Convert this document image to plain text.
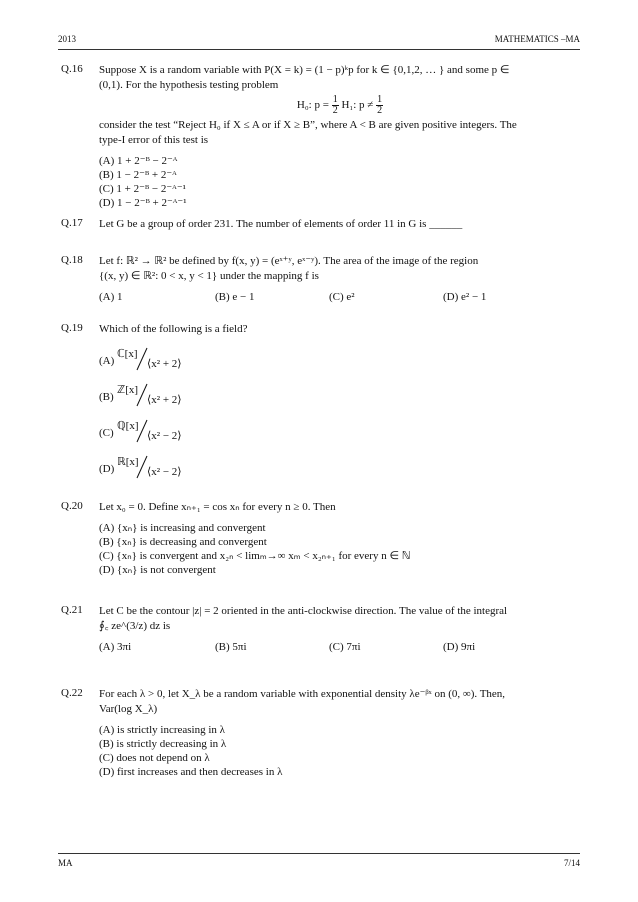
2013	MATHEMATICS –MA
Q.16	Suppose X is a random variable with P(X = k) = (1 − p)ᵏp for k ∈ {0,1,2, … } and some p ∈
(0,1). For the hypothesis testing problem
H₀: $p = \frac{1}{2} H_1$: $p \ne \frac{1}{2}$
consider the test “Reject H₀ if X ≤ A or if X ≥ B”, where A < B are given positive integers. The
type-I error of this test is
(A) 1 + 2⁻ᴮ − 2⁻ᴬ
(B) 1 − 2⁻ᴮ + 2⁻ᴬ
(C) 1 + 2⁻ᴮ − 2⁻ᴬ⁻¹
(D) 1 − 2⁻ᴮ + 2⁻ᴬ⁻¹
Q.17	Let G be a group of order 231. The number of elements of order 11 in G is ______
Q.18	Let f: ℝ² → ℝ² be defined by f(x, y) = (eˣ⁺ʸ, eˣ⁻ʸ). The area of the image of the region
{(x, y) ∈ ℝ²: 0 < x, y < 1} under the mapping f is
(A) 1	(B) e − 1	(C) e²	(D) e² − 1
Q.19	Which of the following is a field?
(A)
ℂ[x]
⟨x² + 2⟩
(B)
ℤ[x]
⟨x² + 2⟩
(C)
ℚ[x]
⟨x² − 2⟩
(D)
ℝ[x]
⟨x² − 2⟩
Q.20	Let x₀ = 0. Define xₙ₊₁ = cos xₙ for every n ≥ 0. Then
(A) {xₙ} is increasing and convergent
(B) {xₙ} is decreasing and convergent
(C) {xₙ} is convergent and x₂ₙ < limₘ→∞ xₘ < x₂ₙ₊₁ for every n ∈ ℕ
(D) {xₙ} is not convergent
Q.21	Let C be the contour |z| = 2 oriented in the anti-clockwise direction. The value of the integral
∮꜀ ze^(3/z) dz is
(A) 3πi	(B) 5πi	(C) 7πi	(D) 9πi
Q.22	For each λ > 0, let X_λ be a random variable with exponential density λe⁻ᵝˣ on (0, ∞). Then,
Var(log X_λ)
(A) is strictly increasing in λ
(B) is strictly decreasing in λ
(C) does not depend on λ
(D) first increases and then decreases in λ
MA	7/14
